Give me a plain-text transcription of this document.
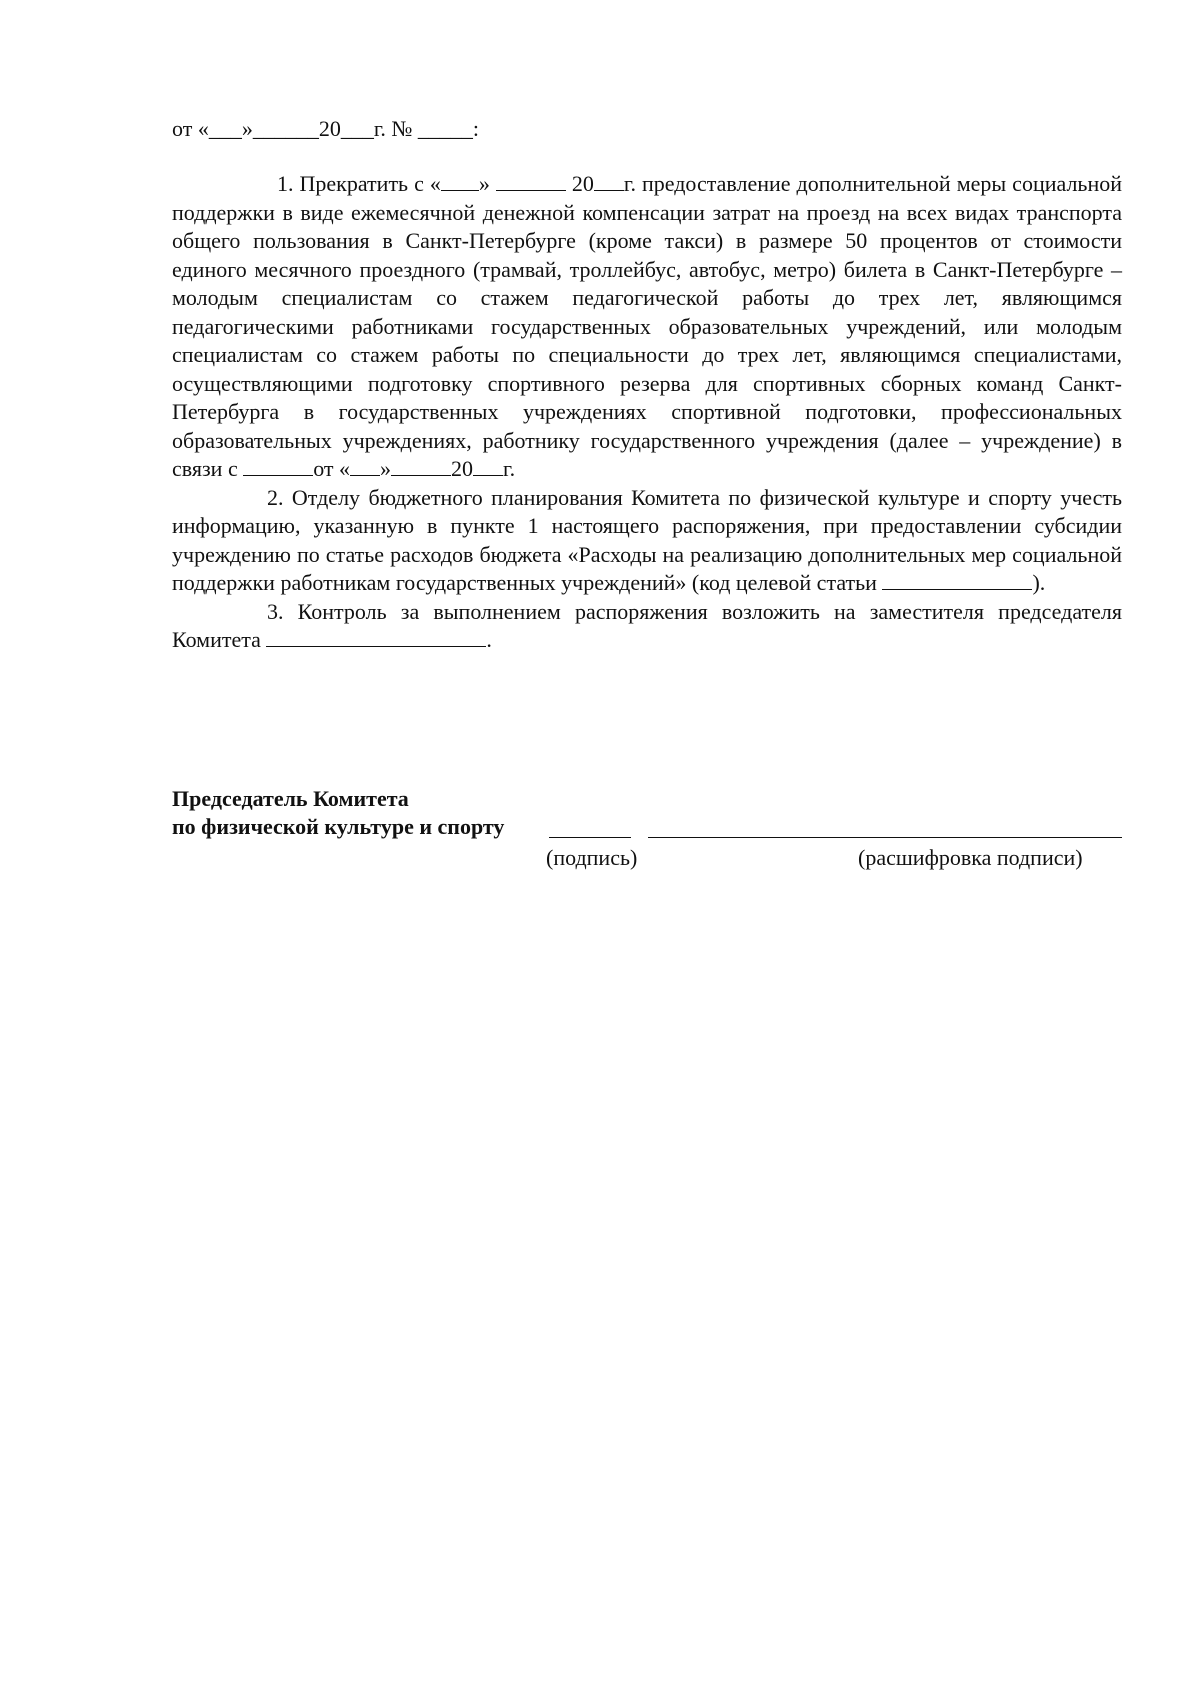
от «___»______20___г. № _____:

1. Прекратить с « »	20 г. предоставление дополнительной меры социальной поддержки в виде ежемесячной денежной компенсации затрат на проезд на всех видах транспорта общего пользования в Санкт-Петербурге (кроме такси) в размере 50 процентов от стоимости единого месячного проездного (трамвай, троллейбус, автобус, метро) билета в Санкт-Петербурге – молодым специалистам со стажем педагогической работы до трех лет, являющимся педагогическими работниками государственных образовательных учреждений, или молодым специалистам со стажем работы по специальности до трех лет, являющимся специалистами, осуществляющими подготовку спортивного резерва для спортивных сборных команд Санкт-Петербурга в государственных учреждениях спортивной подготовки, профессиональных образовательных учреждениях, работнику государственного учреждения (далее – учреждение) в связи с	от « »	20 г.

2. Отделу бюджетного планирования Комитета по физической культуре и спорту учесть информацию, указанную в пункте 1 настоящего распоряжения, при предоставлении субсидии учреждению по статье расходов бюджета «Расходы на реализацию дополнительных мер социальной поддержки работникам государственных учреждений» (код целевой статьи	).

3. Контроль за выполнением распоряжения возложить на заместителя председателя Комитета	.

Председатель Комитета
по физической культуре и спорту
(подпись)	(расшифровка подписи)
